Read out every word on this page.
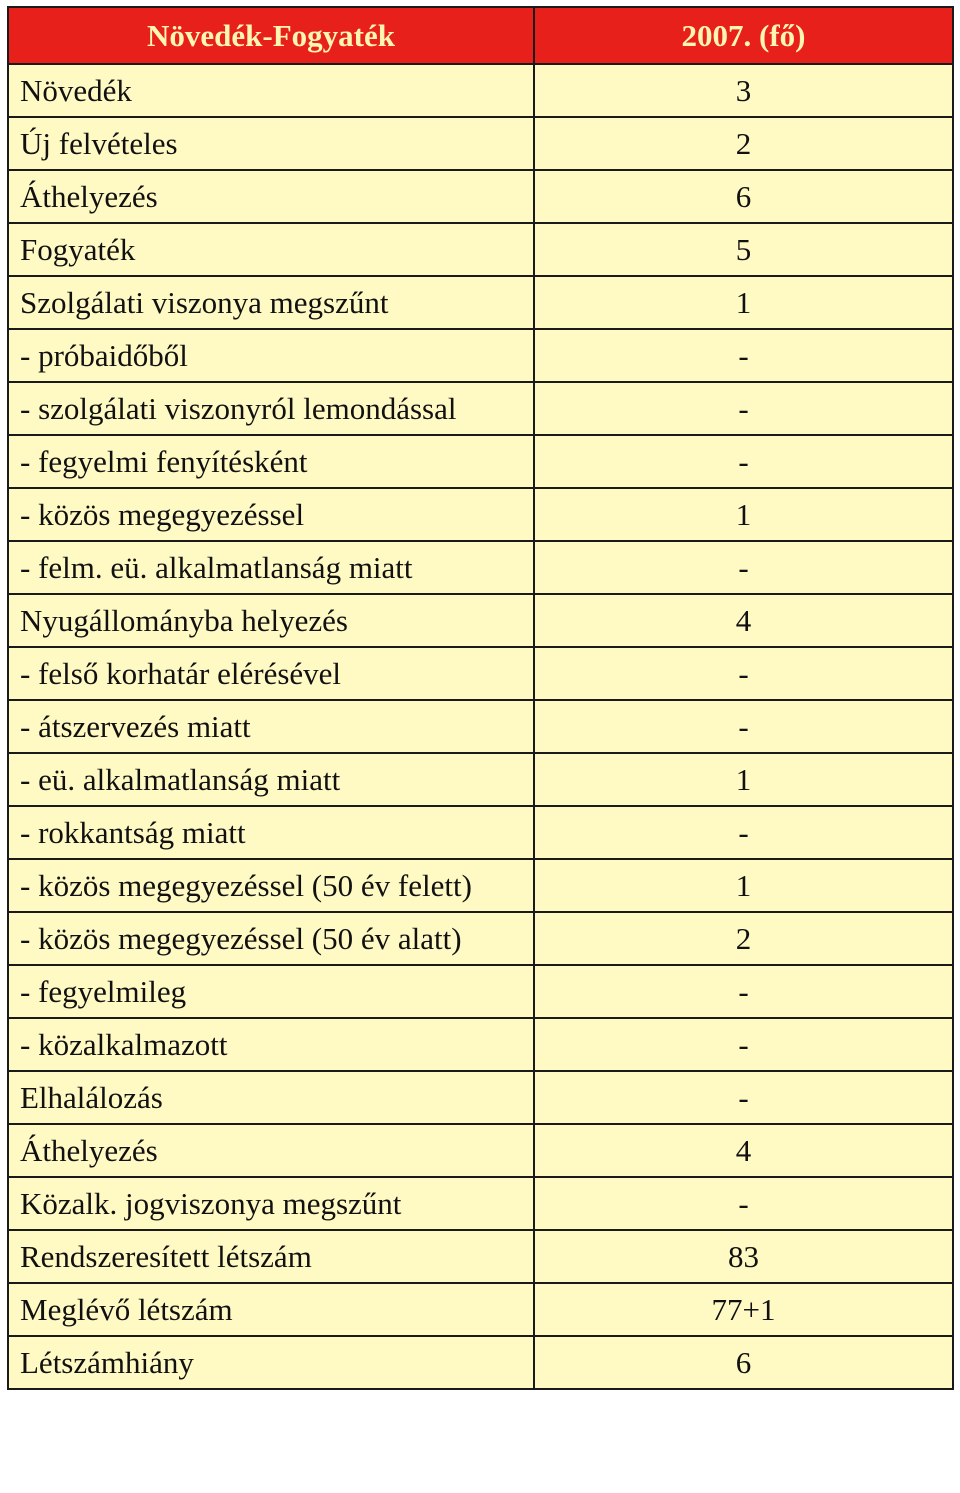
Növedék-Fogyaték	2007. (fő)
Növedék	3
Új felvételes	2
Áthelyezés	6
Fogyaték	5
Szolgálati viszonya megszűnt	1
- próbaidőből	-
- szolgálati viszonyról lemondással	-
- fegyelmi fenyítésként	-
- közös megegyezéssel	1
- felm. eü. alkalmatlanság miatt	-
Nyugállományba helyezés	4
- felső korhatár elérésével	-
- átszervezés miatt	-
- eü. alkalmatlanság miatt	1
- rokkantság miatt	-
- közös megegyezéssel (50 év felett)	1
- közös megegyezéssel (50 év alatt)	2
- fegyelmileg	-
- közalkalmazott	-
Elhalálozás	-
Áthelyezés	4
Közalk. jogviszonya megszűnt	-
Rendszeresített létszám	83
Meglévő létszám	77+1
Létszámhiány	6
